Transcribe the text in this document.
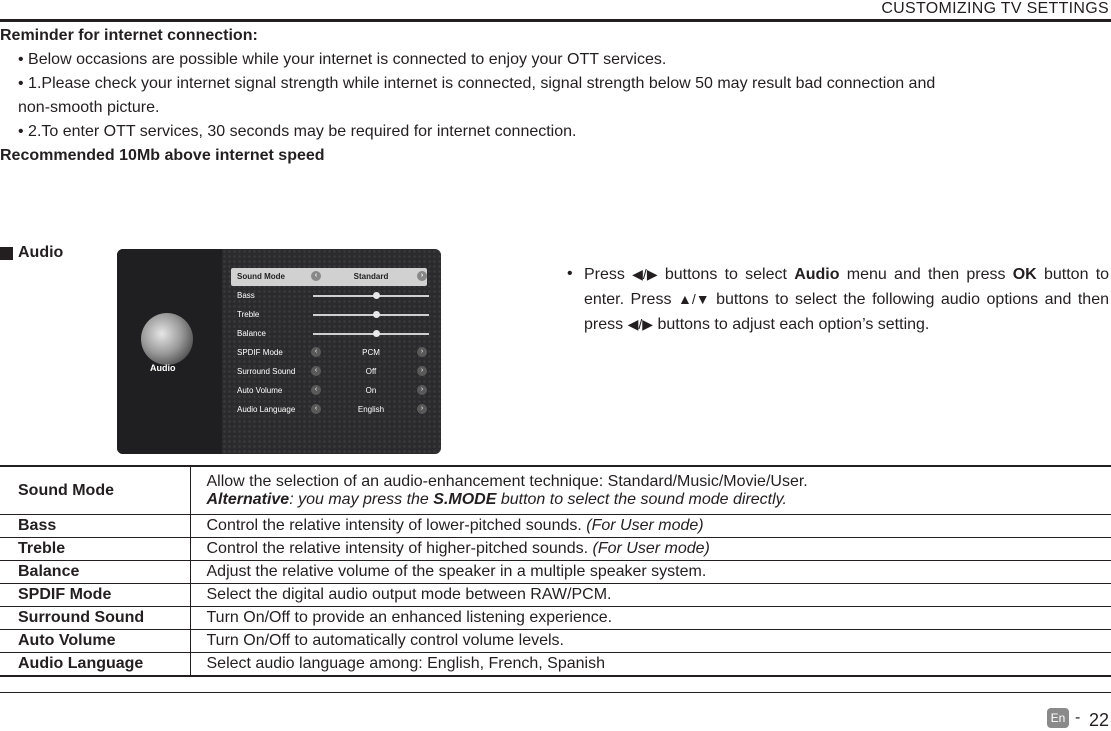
CUSTOMIZING TV SETTINGS
Reminder for internet connection:
• Below occasions are possible while your internet is connected to enjoy your OTT services.
• 1.Please check your internet signal strength while internet is connected, signal strength below 50 may result bad connection and
non-smooth picture.
• 2.To enter OTT services, 30 seconds may be required for internet connection.
Recommended 10Mb above internet speed
Audio
Audio
Sound Mode	‹	Standard	›
Bass
Treble
Balance
SPDIF Mode	‹	PCM	›
Surround Sound	‹	Off	›
Auto Volume	‹	On	›
Audio Language	‹	English	›
• Press ◀/▶ buttons to select Audio menu and then press OK button to enter. Press ▲/▼ buttons to select the following audio options and then press ◀/▶ buttons to adjust each option’s setting.
Sound Mode	Allow the selection of an audio-enhancement technique: Standard/Music/Movie/User.
Alternative: you may press the S.MODE button to select the sound mode directly.

Bass	Control the relative intensity of lower-pitched sounds. (For User mode)
Treble	Control the relative intensity of higher-pitched sounds. (For User mode)
Balance	Adjust the relative volume of the speaker in a multiple speaker system.
SPDIF Mode	Select the digital audio output mode between RAW/PCM.
Surround Sound	Turn On/Off to provide an enhanced listening experience.
Auto Volume	Turn On/Off to automatically control volume levels.
Audio Language	Select audio language among: English, French, Spanish
En - 22
